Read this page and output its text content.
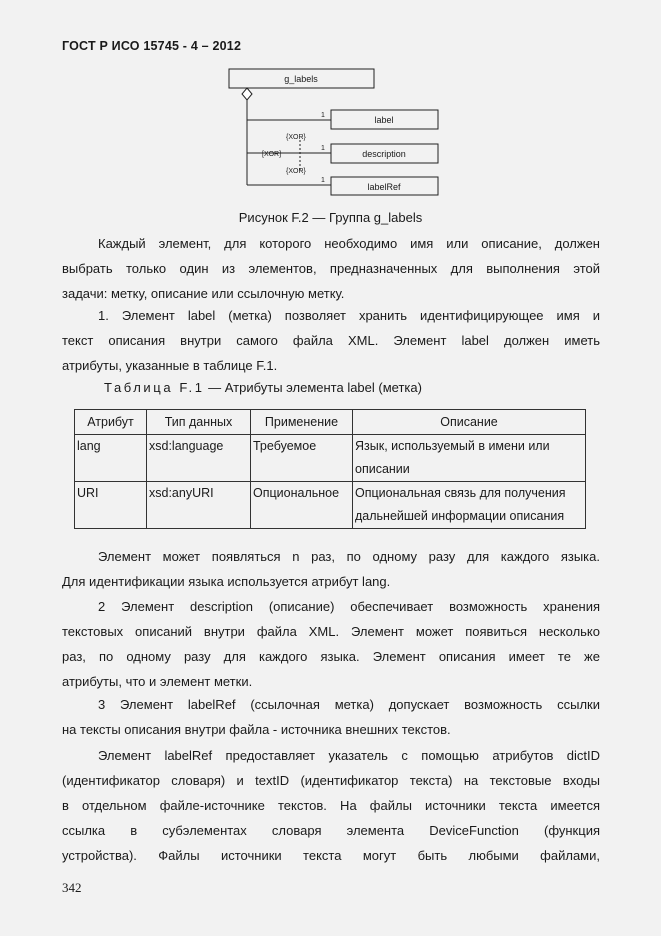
ГОСТ Р ИСО 15745 - 4 – 2012
g_labels
1
1
1
{XOR}
[XOR]
{XOR}
label
description
labelRef
Рисунок F.2 — Группа g_labels
Каждый элемент, для которого необходимо имя или описание, должен
выбрать только один из элементов, предназначенных для выполнения этой
задачи: метку, описание или ссылочную метку.
1. Элемент label (метка) позволяет хранить идентифицирующее имя и
текст описания внутри самого файла XML. Элемент label должен иметь
атрибуты, указанные в таблице F.1.
Таблица F.1 — Атрибуты элемента label (метка)
Атрибут	Тип данных	Применение	Описание
lang	xsd:language	Требуемое	Язык, используемый в имени или
описании
URI	xsd:anyURI	Опциональное	Опциональная связь для получения
дальнейшей информации описания
Элемент может появляться n раз, по одному разу для каждого языка.
Для идентификации языка используется атрибут lang.
2 Элемент description (описание) обеспечивает возможность хранения
текстовых описаний внутри файла XML. Элемент может появиться несколько
раз, по одному разу для каждого языка. Элемент описания имеет те же
атрибуты, что и элемент метки.
3 Элемент labelRef (ссылочная метка) допускает возможность ссылки
на тексты описания внутри файла - источника внешних текстов.
Элемент labelRef предоставляет указатель с помощью атрибутов dictID
(идентификатор словаря) и textID (идентификатор текста) на текстовые входы
в отдельном файле-источнике текстов. На файлы источники текста имеется
ссылка в субэлементах словаря элемента DeviceFunction (функция
устройства). Файлы источники текста могут быть любыми файлами,
342
